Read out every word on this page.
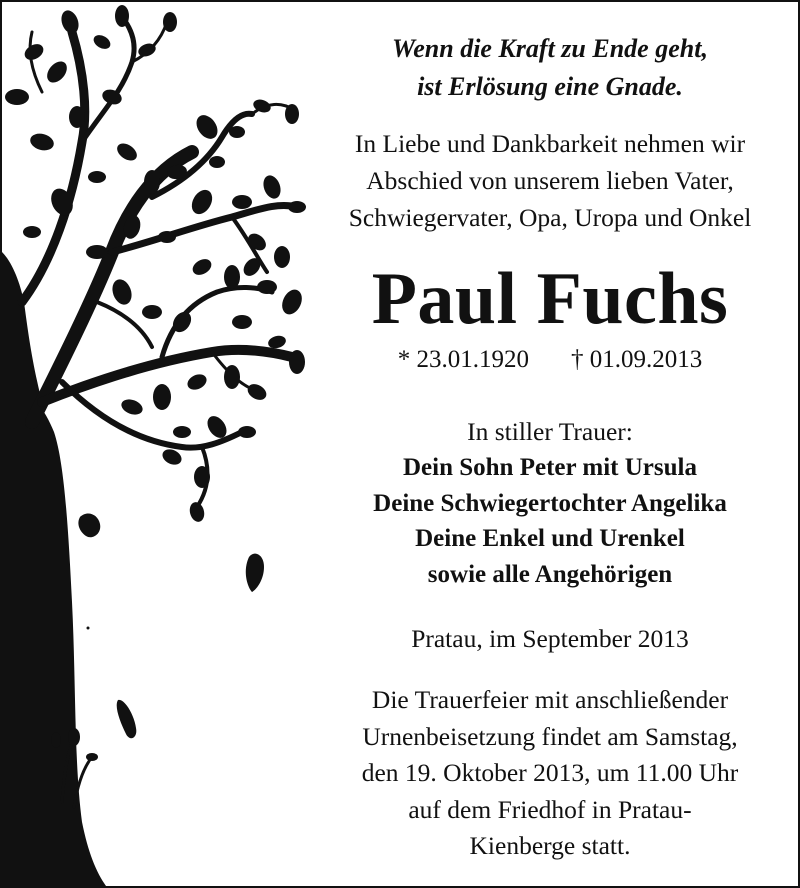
Wenn die Kraft zu Ende geht,
ist Erlösung eine Gnade.
In Liebe und Dankbarkeit nehmen wir
Abschied von unserem lieben Vater,
Schwiegervater, Opa, Uropa und Onkel
Paul Fuchs
* 23.01.1920 † 01.09.2013
In stiller Trauer:
Dein Sohn Peter mit Ursula
Deine Schwiegertochter Angelika
Deine Enkel und Urenkel
sowie alle Angehörigen
Pratau, im September 2013
Die Trauerfeier mit anschließender
Urnenbeisetzung findet am Samstag,
den 19. Oktober 2013, um 11.00 Uhr
auf dem Friedhof in Pratau-
Kienberge statt.
